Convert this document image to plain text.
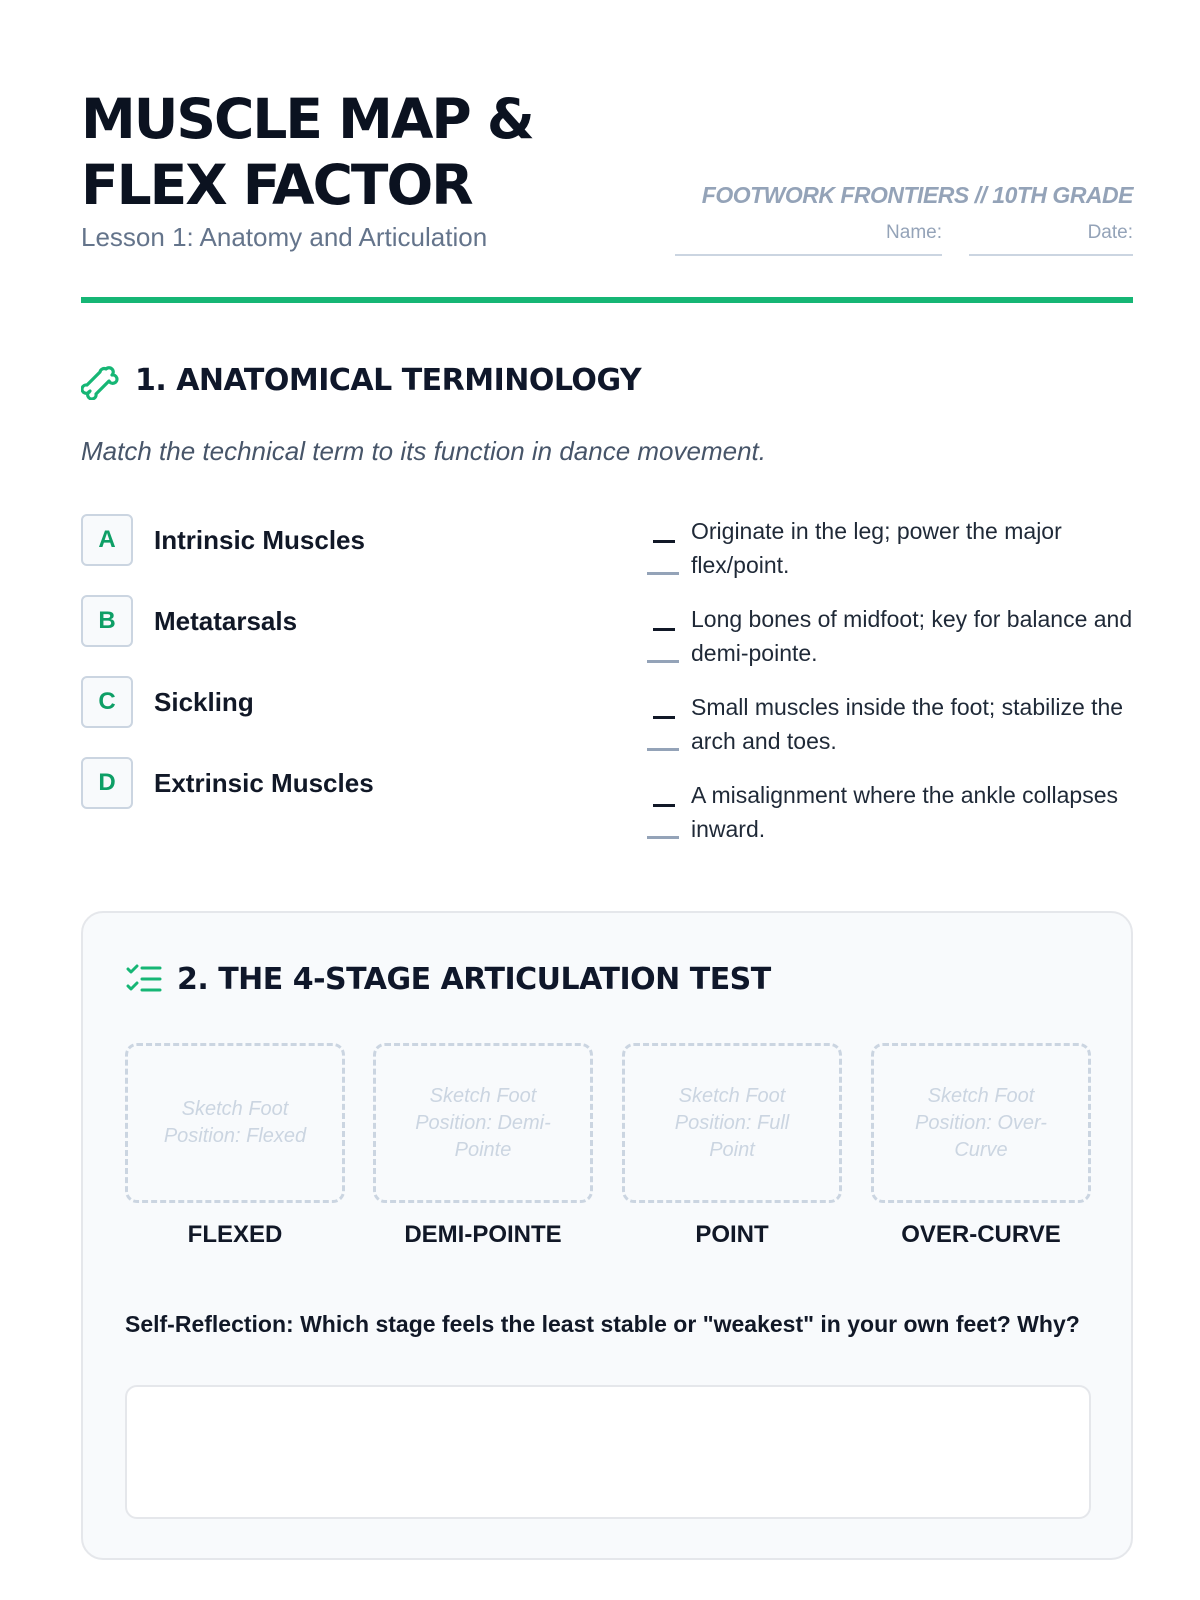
MUSCLE MAP &
FLEX FACTOR
Lesson 1: Anatomy and Articulation
FOOTWORK FRONTIERS // 10TH GRADE
Name:	Date:
1. ANATOMICAL TERMINOLOGY
Match the technical term to its function in dance movement.
A	Intrinsic Muscles
B	Metatarsals
C	Sickling
D	Extrinsic Muscles
Originate in the leg; power the major flex/point.
Long bones of midfoot; key for balance and demi-pointe.
Small muscles inside the foot; stabilize the arch and toes.
A misalignment where the ankle collapses inward.
2. THE 4-STAGE ARTICULATION TEST
Sketch Foot Position: Flexed
FLEXED
Sketch Foot Position: Demi-Pointe
DEMI-POINTE
Sketch Foot Position: Full Point
POINT
Sketch Foot Position: Over-Curve
OVER-CURVE
Self-Reflection: Which stage feels the least stable or "weakest" in your own feet? Why?
